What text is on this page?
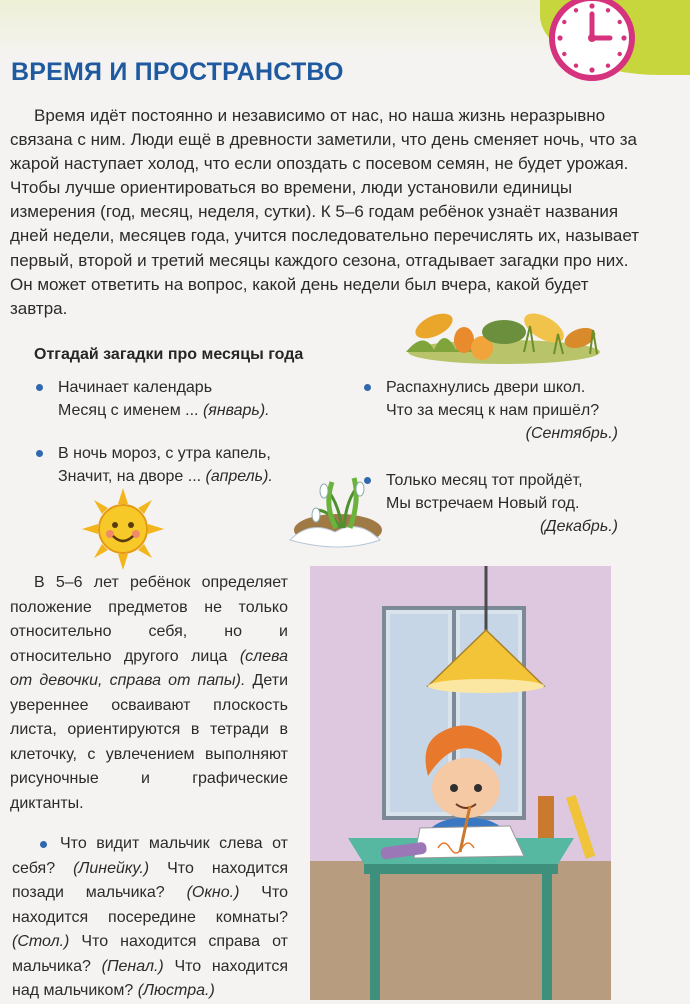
ВРЕМЯ И ПРОСТРАНСТВО

Время идёт постоянно и независимо от нас, но наша жизнь неразрывно связана с ним. Люди ещё в древности заметили, что день сменяет ночь, что за жарой наступает холод, что если опоздать с посевом семян, не будет урожая. Чтобы лучше ориентироваться во времени, люди установили единицы измерения (год, месяц, неделя, сутки). К 5–6 годам ребёнок узнаёт названия дней недели, месяцев года, учится последовательно перечислять их, называет первый, второй и третий месяцы каждого сезона, отгадывает загадки про них. Он может ответить на вопрос, какой день недели был вчера, какой будет завтра.

Отгадай загадки про месяцы года
Начинает календарь
Месяц с именем ... (январь).
В ночь мороз, с утра капель,
Значит, на дворе ... (апрель).
Распахнулись двери школ.
Что за месяц к нам пришёл?
(Сентябрь.)
Только месяц тот пройдёт,
Мы встречаем Новый год.
(Декабрь.)

В 5–6 лет ребёнок определяет положение предметов не только относительно себя, но и относительно другого лица (слева от девочки, справа от папы). Дети увереннее осваивают плоскость листа, ориентируются в тетради в клеточку, с увлечением выполняют рисуночные и графические диктанты.

Что видит мальчик слева от себя? (Линейку.) Что находится позади мальчика? (Окно.) Что находится посередине комнаты? (Стол.) Что находится справа от мальчика? (Пенал.) Что находится над мальчиком? (Люстра.)
